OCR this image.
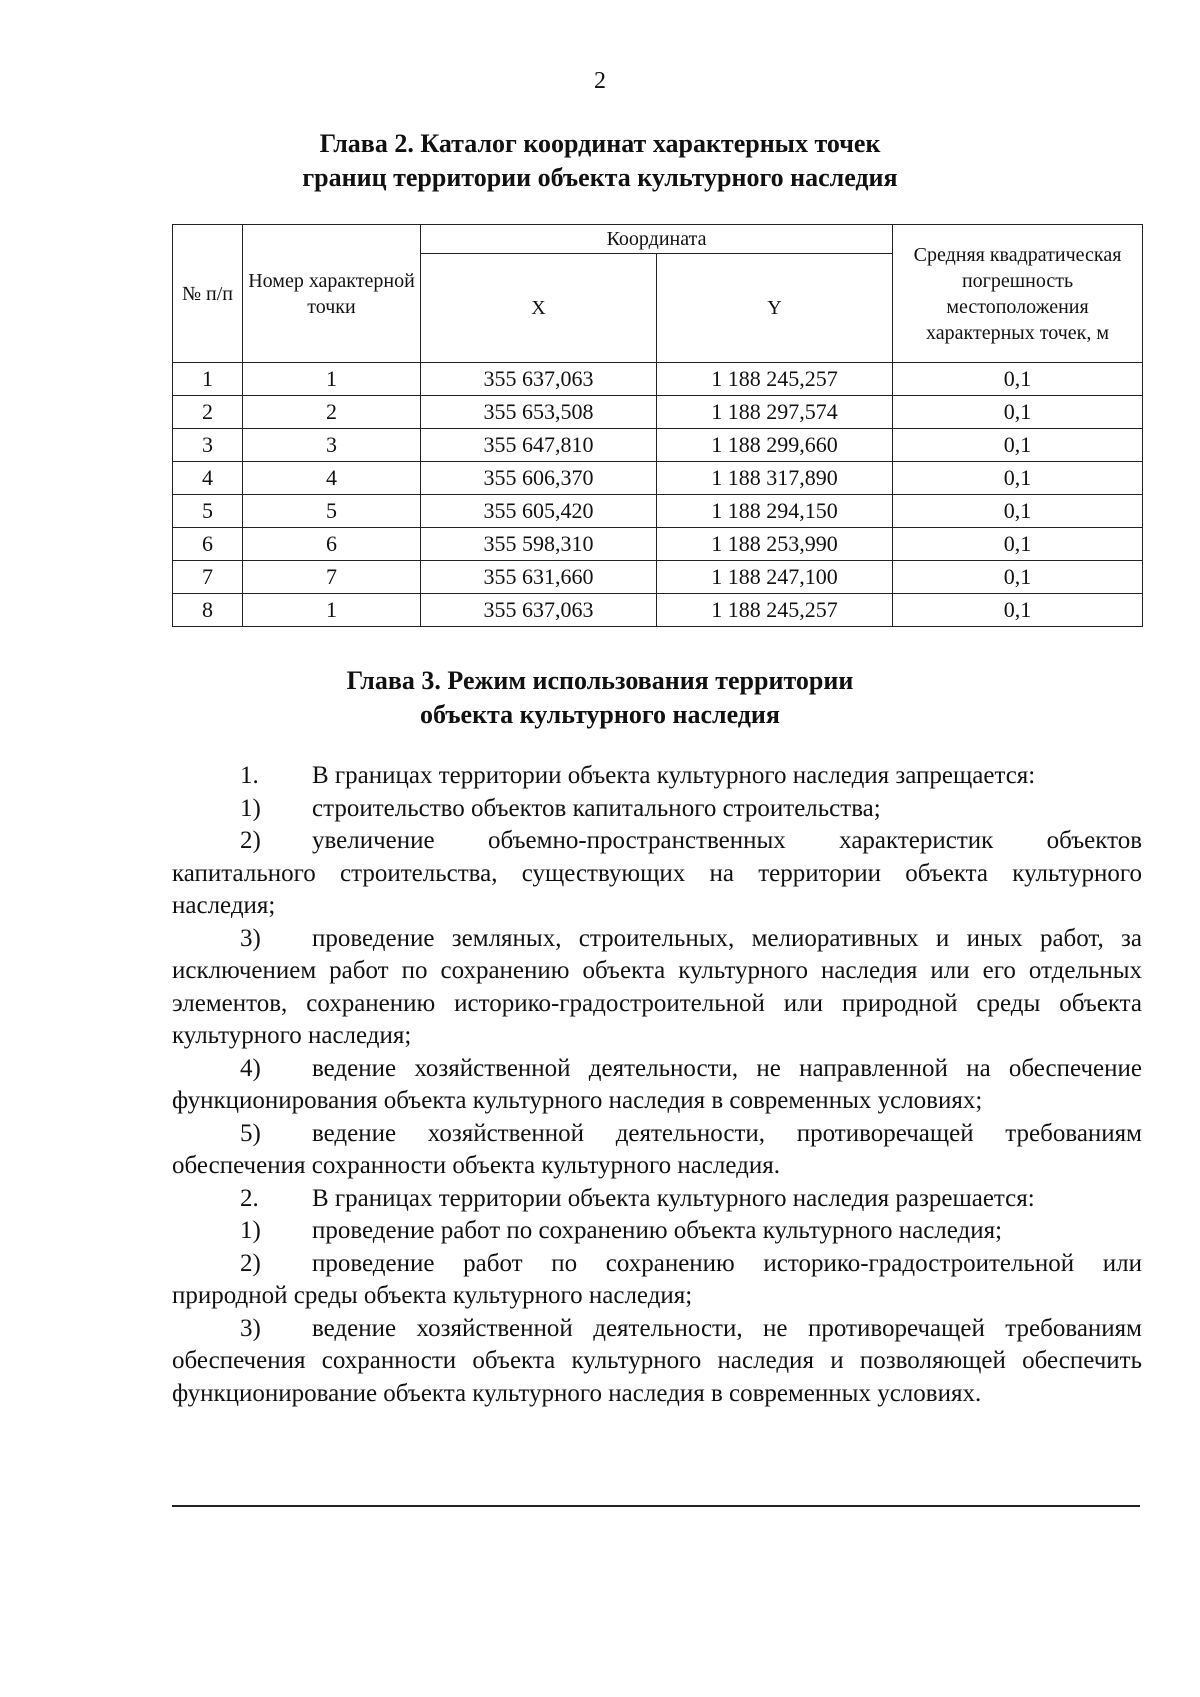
2
Глава 2. Каталог координат характерных точек
границ территории объекта культурного наследия
№ п/п	Номер характерной точки	Координата		Средняя квадратическая погрешность местоположения характерных точек, м
		X	Y	
1	1	355 637,063	1 188 245,257	0,1
2	2	355 653,508	1 188 297,574	0,1
3	3	355 647,810	1 188 299,660	0,1
4	4	355 606,370	1 188 317,890	0,1
5	5	355 605,420	1 188 294,150	0,1
6	6	355 598,310	1 188 253,990	0,1
7	7	355 631,660	1 188 247,100	0,1
8	1	355 637,063	1 188 245,257	0,1
Глава 3. Режим использования территории
объекта культурного наследия

1. В границах территории объекта культурного наследия запрещается:

1) строительство объектов капитального строительства;

2) увеличение объемно-пространственных характеристик объектов капитального строительства, существующих на территории объекта культурного наследия;

3) проведение земляных, строительных, мелиоративных и иных работ, за исключением работ по сохранению объекта культурного наследия или его отдельных элементов, сохранению историко-градостроительной или природной среды объекта культурного наследия;

4) ведение хозяйственной деятельности, не направленной на обеспечение функционирования объекта культурного наследия в современных условиях;

5) ведение хозяйственной деятельности, противоречащей требованиям обеспечения сохранности объекта культурного наследия.

2. В границах территории объекта культурного наследия разрешается:

1) проведение работ по сохранению объекта культурного наследия;

2) проведение работ по сохранению историко-градостроительной или природной среды объекта культурного наследия;

3) ведение хозяйственной деятельности, не противоречащей требованиям обеспечения сохранности объекта культурного наследия и позволяющей обеспечить функционирование объекта культурного наследия в современных условиях.
